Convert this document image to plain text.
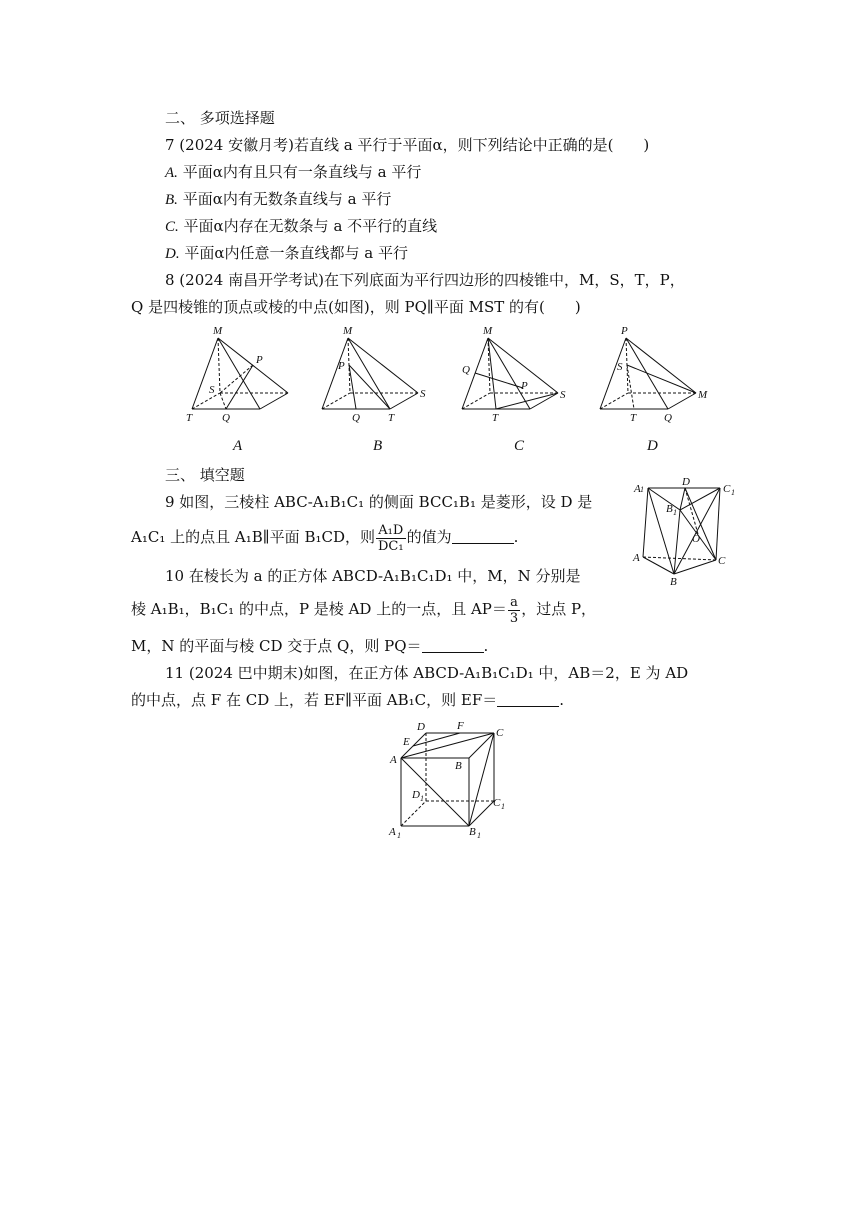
二、 多项选择题
7 (2024 安徽月考)若直线 a 平行于平面α，则下列结论中正确的是(　　)
A. 平面α内有且只有一条直线与 a 平行
B. 平面α内有无数条直线与 a 平行
C. 平面α内存在无数条与 a 不平行的直线
D. 平面α内任意一条直线都与 a 平行
8 (2024 南昌开学考试)在下列底面为平行四边形的四棱锥中，M，S，T，P，
Q 是四棱锥的顶点或棱的中点(如图)，则 PQ∥平面 MST 的有(　　)
M
P
S
T	Q
M
P
S
Q	T
M
Q
P
S
T
P
S
M
T	Q
A	B	C	D
三、 填空题
9 如图，三棱柱 ABC-A₁B₁C₁ 的侧面 BCC₁B₁ 是菱形，设 D 是
A₁C₁ 上的点且 A₁B∥平面 B₁CD，则 $\frac{\text{A₁D}}{\text{DC₁}}$ 的值为	.
A 1
D
C 1
B 1
O
A	C
B
10 在棱长为 a 的正方体 ABCD-A₁B₁C₁D₁ 中，M，N 分别是
棱 A₁B₁，B₁C₁ 的中点，P 是棱 AD 上的一点，且 $AP= \frac{a}{3}$ ，过点 P，
M，N 的平面与棱 CD 交于点 Q，则 PQ＝	.
11 (2024 巴中期末)如图，在正方体 ABCD-A₁B₁C₁D₁ 中，AB＝2，E 为 AD
的中点，点 F 在 CD 上，若 EF∥平面 AB₁C，则 EF＝	.
D	F
C
E
A	B
D 1	C 1
A 1	B 1
